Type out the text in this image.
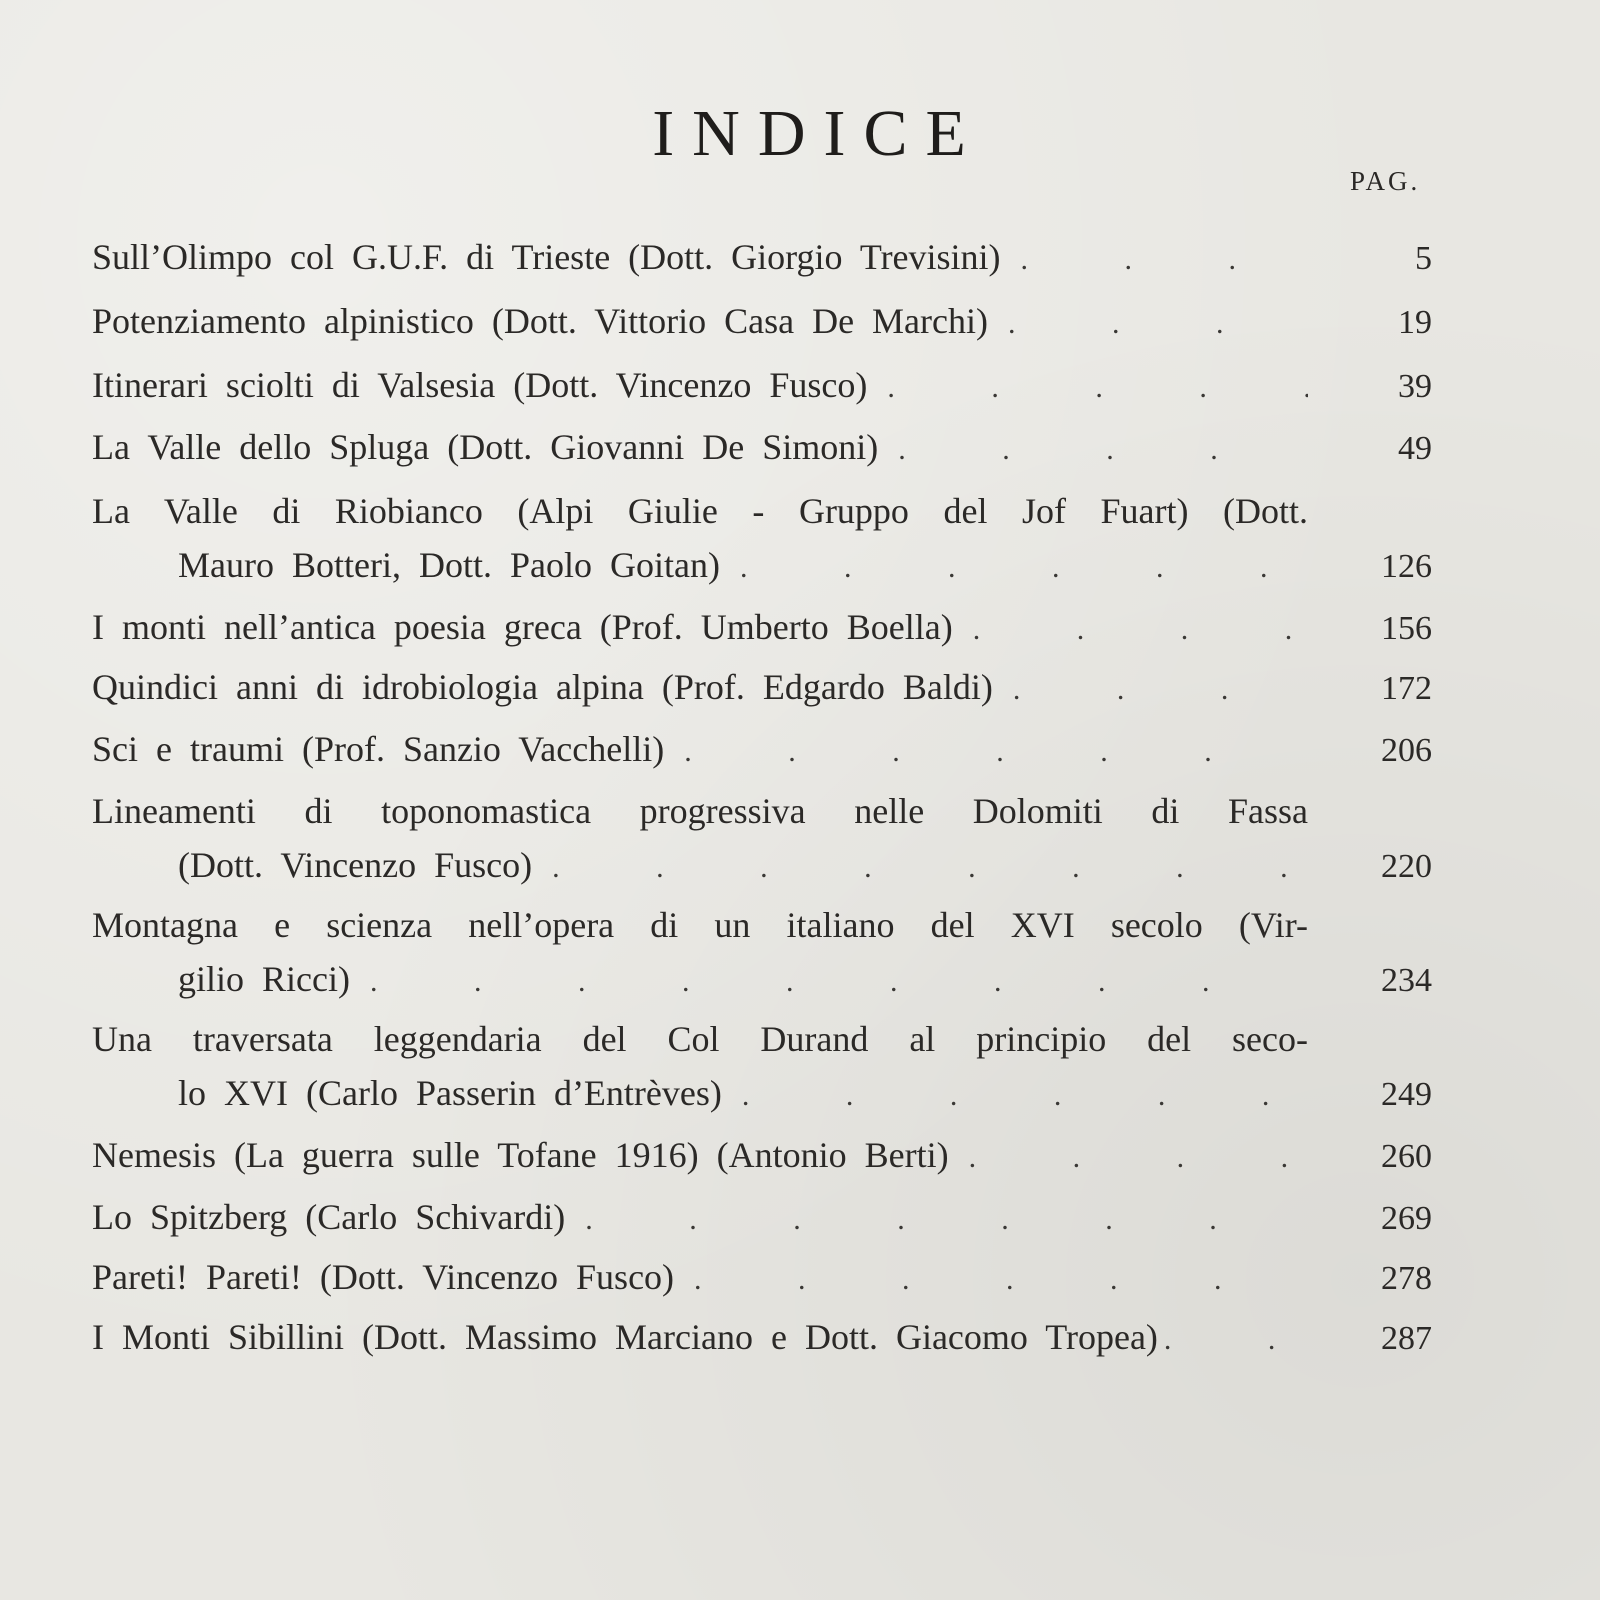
INDICE
PAG.
Sull’Olimpo col G.U.F. di Trieste (Dott. Giorgio Trevisini) . . .	5
Potenziamento alpinistico (Dott. Vittorio Casa De Marchi) . . .	19
Itinerari sciolti di Valsesia (Dott. Vincenzo Fusco) . . .	39
La Valle dello Spluga (Dott. Giovanni De Simoni) . . .	49
La Valle di Riobianco (Alpi Giulie - Gruppo del Jof Fuart) (Dott.
Mauro Botteri, Dott. Paolo Goitan) . . .	126
I monti nell’antica poesia greca (Prof. Umberto Boella) . . .	156
Quindici anni di idrobiologia alpina (Prof. Edgardo Baldi) . . .	172
Sci e traumi (Prof. Sanzio Vacchelli) . . .	206
Lineamenti di toponomastica progressiva nelle Dolomiti di Fassa
(Dott. Vincenzo Fusco) . . .	220
Montagna e scienza nell’opera di un italiano del XVI secolo (Vir-
gilio Ricci) . . .	234
Una traversata leggendaria del Col Durand al principio del seco-
lo XVI (Carlo Passerin d’Entrèves) . . .	249
Nemesis (La guerra sulle Tofane 1916) (Antonio Berti) . . .	260
Lo Spitzberg (Carlo Schivardi) . . .	269
Pareti! Pareti! (Dott. Vincenzo Fusco) . . .	278
I Monti Sibillini (Dott. Massimo Marciano e Dott. Giacomo Tropea) . . .	287
